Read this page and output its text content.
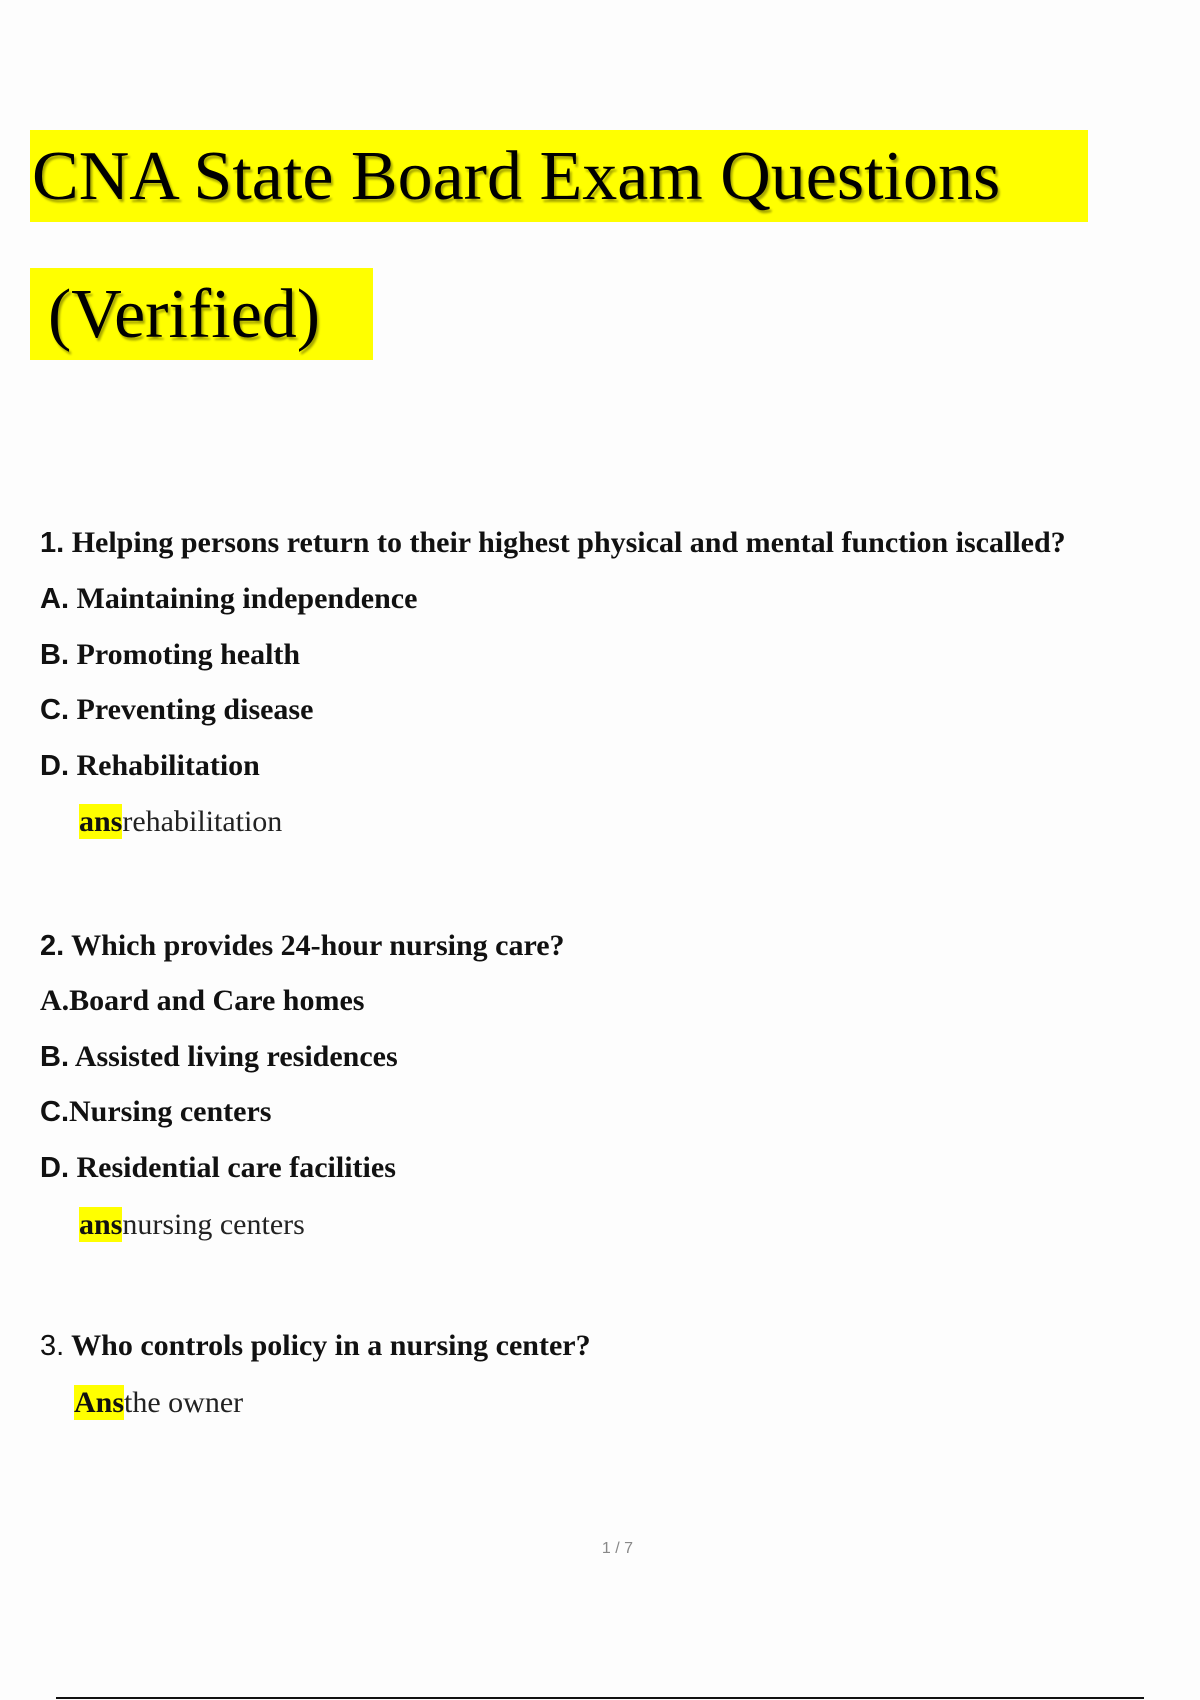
CNA State Board Exam Questions
(Verified)
1. Helping persons return to their highest physical and mental function iscalled?
A. Maintaining independence
B. Promoting health
C. Preventing disease
D. Rehabilitation
ansrehabilitation
2. Which provides 24-hour nursing care?
A.Board and Care homes
B. Assisted living residences
C.Nursing centers
D. Residential care facilities
ansnursing centers
3. Who controls policy in a nursing center?
Ansthe owner
1 / 7
